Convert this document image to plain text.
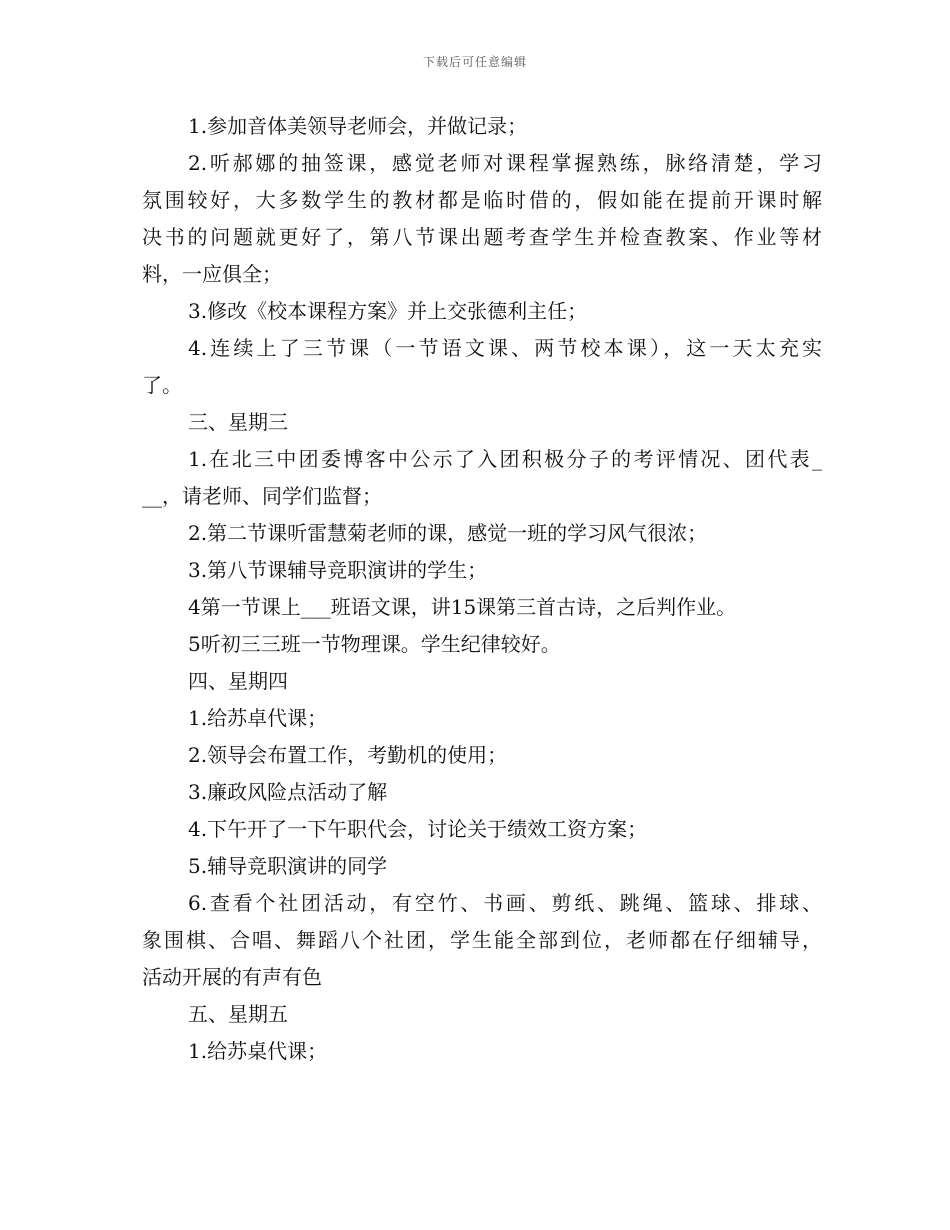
下载后可任意编辑
1.参加音体美领导老师会，并做记录；
2.听郝娜的抽签课，感觉老师对课程掌握熟练，脉络清楚，学习
氛围较好，大多数学生的教材都是临时借的，假如能在提前开课时解
决书的问题就更好了，第八节课出题考查学生并检查教案、作业等材
料，一应俱全；
3.修改《校本课程方案》并上交张德利主任；
4.连续上了三节课（一节语文课、两节校本课），这一天太充实
了。
三、星期三
1.在北三中团委博客中公示了入团积极分子的考评情况、团代表_
__，请老师、同学们监督；
2.第二节课听雷慧菊老师的课，感觉一班的学习风气很浓；
3.第八节课辅导竞职演讲的学生；
4第一节课上___班语文课，讲15课第三首古诗，之后判作业。
5听初三三班一节物理课。学生纪律较好。
四、星期四
1.给苏卓代课；
2.领导会布置工作，考勤机的使用；
3.廉政风险点活动了解
4.下午开了一下午职代会，讨论关于绩效工资方案；
5.辅导竞职演讲的同学
6.查看个社团活动，有空竹、书画、剪纸、跳绳、篮球、排球、
象围棋、合唱、舞蹈八个社团，学生能全部到位，老师都在仔细辅导，
活动开展的有声有色
五、星期五
1.给苏桌代课；
